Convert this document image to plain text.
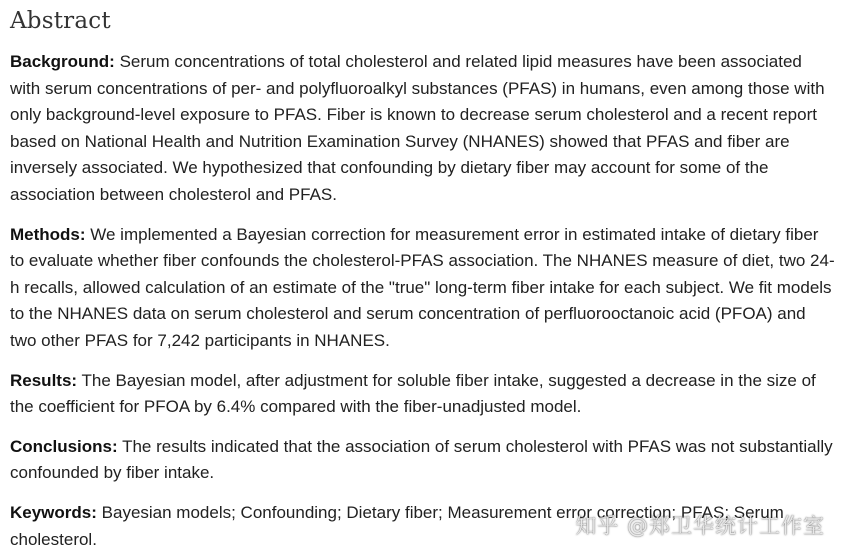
Abstract

Background: Serum concentrations of total cholesterol and related lipid measures have been associated with serum concentrations of per- and polyfluoroalkyl substances (PFAS) in humans, even among those with only background-level exposure to PFAS. Fiber is known to decrease serum cholesterol and a recent report based on National Health and Nutrition Examination Survey (NHANES) showed that PFAS and fiber are inversely associated. We hypothesized that confounding by dietary fiber may account for some of the association between cholesterol and PFAS.

Methods: We implemented a Bayesian correction for measurement error in estimated intake of dietary fiber to evaluate whether fiber confounds the cholesterol-PFAS association. The NHANES measure of diet, two 24-h recalls, allowed calculation of an estimate of the "true" long-term fiber intake for each subject. We fit models to the NHANES data on serum cholesterol and serum concentration of perfluorooctanoic acid (PFOA) and two other PFAS for 7,242 participants in NHANES.

Results: The Bayesian model, after adjustment for soluble fiber intake, suggested a decrease in the size of the coefficient for PFOA by 6.4% compared with the fiber-unadjusted model.

Conclusions: The results indicated that the association of serum cholesterol with PFAS was not substantially confounded by fiber intake.

Keywords: Bayesian models; Confounding; Dietary fiber; Measurement error correction; PFAS; Serum cholesterol.

知乎 @郑卫华统计工作室
